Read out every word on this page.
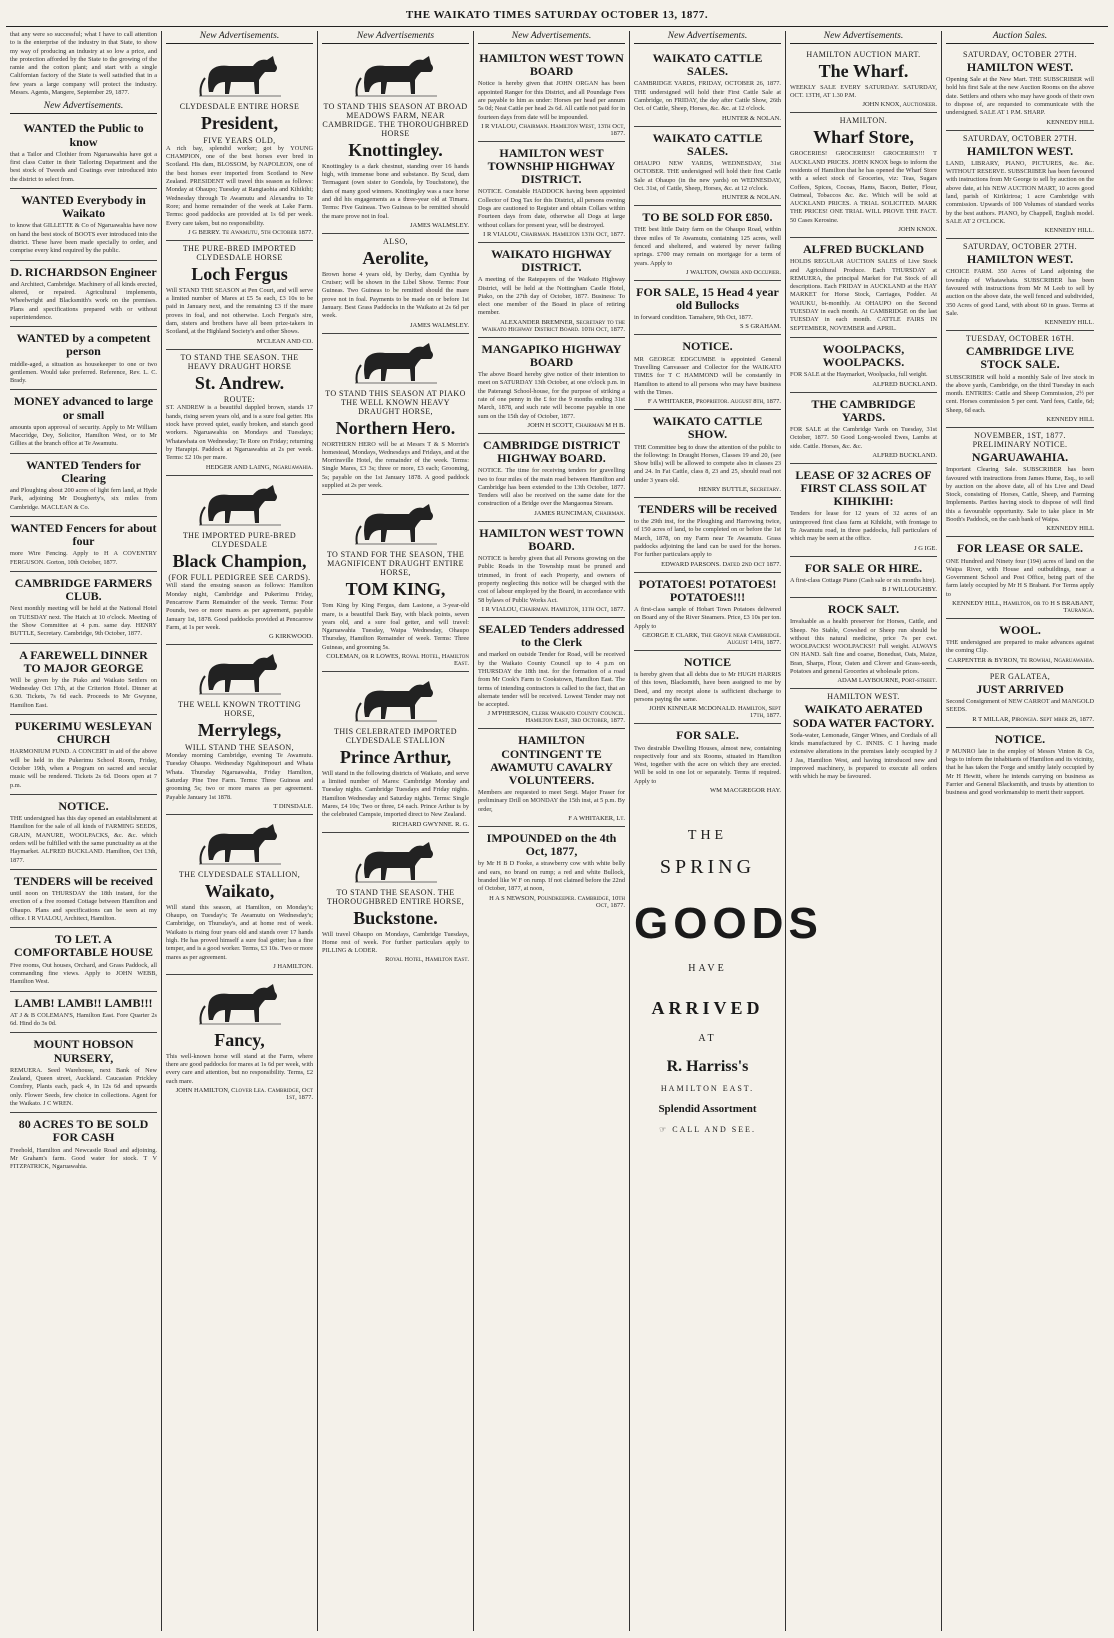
THE WAIKATO TIMES SATURDAY OCTOBER 13, 1877.
that any were so successful; what I have to call attention to is the enterprise of the industry in that State, to show my way of producing an industry at so low a price, and the protection afforded by the State to the growing of the ramie and the cotton plant; and start with a single Californian factory of the State is well satisfied that in a few years a large company will protect the industry. Messrs. Agents, Mangere, September 29, 1877.
New Advertisements.
WANTED the Public to know
that a Tailor and Clothier from Ngaruawahia have got a first class Cutter in their Tailoring Department and the best stock of Tweeds and Coatings ever introduced into the district to select from.
WANTED Everybody in Waikato
to know that GILLETTE & Co of Ngaruawahia have now on hand the best stock of BOOTS ever introduced into the district. These have been made specially to order, and comprise every kind required by the public.
D. RICHARDSON Engineer
and Architect, Cambridge. Machinery of all kinds erected, altered, or repaired. Agricultural implements, Wheelwright and Blacksmith's work on the premises. Plans and specifications prepared with or without superintendence.
WANTED by a competent person
middle-aged, a situation as housekeeper to one or two gentlemen. Would take preferred. Reference, Rev. L. C. Brady.
MONEY advanced to large or small
amounts upon approval of security. Apply to Mr William Maccridge, Dey, Solicitor, Hamilton West, or to Mr Gillies at the branch office at Te Awamutu.
WANTED Tenders for Clearing
and Ploughing about 200 acres of light fern land, at Hyde Park, adjoining Mr Dougherty's, six miles from Cambridge. MACLEAN & Co.
WANTED Fencers for about four
more Wire Fencing. Apply to H A COVENTRY FERGUSON. Gorton, 10th October, 1877.
CAMBRIDGE FARMERS CLUB.
Next monthly meeting will be held at the National Hotel on TUESDAY next. The Hatch at 10 o'clock. Meeting of the Show Committee at 4 p.m. same day. HENRY BUTTLE, Secretary. Cambridge, 9th October, 1877.
A FAREWELL DINNER TO MAJOR GEORGE
Will be given by the Piako and Waikato Settlers on Wednesday Oct 17th, at the Criterion Hotel. Dinner at 6.30. Tickets, 7s 6d each. Proceeds to Mr Gwynne, Hamilton East.
PUKERIMU WESLEYAN CHURCH
HARMONIUM FUND. A CONCERT in aid of the above will be held in the Pukerimu School Room, Friday, October 19th, when a Program on sacred and secular music will be rendered. Tickets 2s 6d. Doors open at 7 p.m.
NOTICE.
THE undersigned has this day opened an establishment at Hamilton for the sale of all kinds of FARMING SEEDS, GRAIN, MANURE, WOOLPACKS, &c. &c. which orders will be fulfilled with the same punctuality as at the Haymarket. ALFRED BUCKLAND. Hamilton, Oct 13th, 1877.
TENDERS will be received
until noon on THURSDAY the 18th instant, for the erection of a five roomed Cottage between Hamilton and Ohaupo. Plans and specifications can be seen at my office. I R VIALOU, Architect, Hamilton.
TO LET. A COMFORTABLE HOUSE
Five rooms, Out houses, Orchard, and Grass Paddock, all commanding fine views. Apply to JOHN WEBB, Hamilton West.
LAMB! LAMB!! LAMB!!!
AT J & B COLEMAN'S, Hamilton East. Fore Quarter 2s 6d. Hind do 3s 0d.
MOUNT HOBSON NURSERY,
REMUERA. Seed Warehouse, next Bank of New Zealand, Queen street, Auckland. Caucasian Prickley Comfrey, Plants each, pack 4, in 12s 6d and upwards only. Flower Seeds, few choice in collections. Agent for the Waikato. J C WREN.
80 ACRES TO BE SOLD FOR CASH
Freehold, Hamilton and Newcastle Road and adjoining. Mr Graham's farm. Good water for stock. T V FITZPATRICK, Ngaruawahia.
New Advertisements.
CLYDESDALE ENTIRE HORSE
President,
FIVE YEARS OLD,
A rich bay, splendid worker; got by YOUNG CHAMPION, one of the best horses ever bred in Scotland. His dam, BLOSSOM, by NAPOLEON, one of the best horses ever imported from Scotland to New Zealand. PRESIDENT will travel this season as follows: Monday at Ohaupo; Tuesday at Rangiaohia and Kihikihi; Wednesday through Te Awamutu and Alexandra to Te Rore; and home remainder of the week at Lake Farm. Terms: good paddocks are provided at 1s 6d per week. Every care taken, but no responsibility.
J G BERRY. Te Awamutu, 5th October 1877.
THE PURE-BRED IMPORTED CLYDESDALE HORSE
Loch Fergus
Will STAND THE SEASON at Pen Court, and will serve a limited number of Mares at £5 5s each, £3 10s to be paid in January next, and the remaining £3 if the mare proves in foal, and not otherwise. Loch Fergus's sire, dam, sisters and brothers have all been prize-takers in Scotland, at the Highland Society's and other Shows.
M'CLEAN AND CO.
TO STAND THE SEASON. THE HEAVY DRAUGHT HORSE
St. Andrew.
ROUTE:
ST. ANDREW is a beautiful dappled brown, stands 17 hands, rising seven years old, and is a sure foal getter. His stock have proved quiet, easily broken, and stanch good workers. Ngaruawahia on Mondays and Tuesdays; Whatawhata on Wednesday; Te Rore on Friday; returning by Harapipi. Paddock at Ngaruawahia at 2s per week. Terms: £2 10s per mare.
HEDGER AND LAING, Ngaruawahia.
THE IMPORTED PURE-BRED CLYDESDALE
Black Champion,
(FOR FULL PEDIGREE SEE CARDS).
Will stand the ensuing season as follows: Hamilton Monday night, Cambridge and Pukerimu Friday, Pencarrow Farm Remainder of the week. Terms: Four Pounds, two or more mares as per agreement, payable January 1st, 1878. Good paddocks provided at Pencarrow Farm, at 1s per week.
G KIRKWOOD.
THE WELL KNOWN TROTTING HORSE,
Merrylegs,
WILL STAND THE SEASON,
Monday morning Cambridge, evening Te Awamutu. Tuesday Ohaupo. Wednesday Ngahinepouri and Whata Whata. Thursday Ngaruawahia, Friday Hamilton, Saturday Pine Tree Farm. Terms: Three Guineas and grooming 5s; two or more mares as per agreement. Payable January 1st 1878.
T DINSDALE.
THE CLYDESDALE STALLION,
Waikato,
Will stand this season, at Hamilton, on Monday's; Ohaupo, on Tuesday's; Te Awamutu on Wednesday's; Cambridge, on Thursday's, and at home rest of week. Waikato is rising four years old and stands over 17 hands high. He has proved himself a sure foal getter; has a fine temper, and is a good worker. Terms, £3 10s. Two or more mares as per agreement.
J HAMILTON.
Fancy,
This well-known horse will stand at the Farm, where there are good paddocks for mares at 1s 6d per week, with every care and attention, but no responsibility. Terms, £2 each mare.
JOHN HAMILTON, Clover Lea. Cambridge, Oct 1st, 1877.
New Advertisements
TO STAND THIS SEASON AT BROAD MEADOWS FARM, NEAR CAMBRIDGE. THE THOROUGHBRED HORSE
Knottingley.
Knottingley is a dark chestnut, standing over 16 hands high, with immense bone and substance. By Scud, dam Termagant (own sister to Gondola, by Touchstone), the dam of many good winners. Knottingley was a race horse and did his engagements as a three-year old at Timaru. Terms: Five Guineas. Two Guineas to be remitted should the mare prove not in foal.
JAMES WALMSLEY.
ALSO,
Aerolite,
Brown horse 4 years old, by Derby, dam Cynthia by Cruiser; will be shown in the Libel Show. Terms: Four Guineas. Two Guineas to be remitted should the mare prove not in foal. Payments to be made on or before 1st January. Best Grass Paddocks in the Waikato at 2s 6d per week.
JAMES WALMSLEY.
TO STAND THIS SEASON AT PIAKO THE WELL KNOWN HEAVY DRAUGHT HORSE,
Northern Hero.
NORTHERN HERO will be at Messrs T & S Morrin's homestead, Mondays, Wednesdays and Fridays, and at the Morrinsville Hotel, the remainder of the week. Terms: Single Mares, £3 3s; three or more, £3 each; Grooming, 5s; payable on the 1st January 1878. A good paddock supplied at 2s per week.
TO STAND FOR THE SEASON, THE MAGNIFICENT DRAUGHT ENTIRE HORSE,
TOM KING,
Tom King by King Fergus, dam Lastone, a 3-year-old mare, is a beautiful Dark Bay, with black points, seven years old, and a sure foal getter, and will travel: Ngaruawahia Tuesday, Waipa Wednesday, Ohaupo Thursday, Hamilton Remainder of week. Terms: Three Guineas, and grooming 5s.
COLEMAN, or R LOWES, Royal Hotel, Hamilton East.
THIS CELEBRATED IMPORTED CLYDESDALE STALLION
Prince Arthur,
Will stand in the following districts of Waikato, and serve a limited number of Mares: Cambridge Monday and Tuesday nights. Cambridge Tuesdays and Friday nights. Hamilton Wednesday and Saturday nights. Terms: Single Mares, £4 10s; Two or three, £4 each. Prince Arthur is by the celebrated Campsie, imported direct to New Zealand.
RICHARD GWYNNE. R. G.
TO STAND THE SEASON. THE THOROUGHBRED ENTIRE HORSE,
Buckstone.
Will travel Ohaupo on Mondays, Cambridge Tuesdays, Home rest of week. For further particulars apply to PILLING & LODER.
Royal Hotel, Hamilton East.
New Advertisements.
HAMILTON WEST TOWN BOARD
Notice is hereby given that JOHN ORGAN has been appointed Ranger for this District, and all Poundage Fees are payable to him as under: Horses per head per annum 5s 0d; Neat Cattle per head 2s 6d. All cattle not paid for in fourteen days from date will be impounded.
I R VIALOU, Chairman. Hamilton West, 13th Oct, 1877.
HAMILTON WEST TOWNSHIP HIGHWAY DISTRICT.
NOTICE. Constable HADDOCK having been appointed Collector of Dog Tax for this District, all persons owning Dogs are cautioned to Register and obtain Collars within Fourteen days from date, otherwise all Dogs at large without collars for present year, will be destroyed.
I R VIALOU, Chairman. Hamilton 13th Oct, 1877.
WAIKATO HIGHWAY DISTRICT.
A meeting of the Ratepayers of the Waikato Highway District, will be held at the Nottingham Castle Hotel, Piako, on the 27th day of October, 1877. Business: To elect one member of the Board in place of retiring member.
ALEXANDER BREMNER, Secretary to the Waikato Highway District Board. 10th Oct, 1877.
MANGAPIKO HIGHWAY BOARD
The above Board hereby give notice of their intention to meet on SATURDAY 13th October, at one o'clock p.m. in the Paterangi School-house, for the purpose of striking a rate of one penny in the £ for the 9 months ending 31st March, 1878, and such rate will become payable in one sum on the 15th day of October, 1877.
JOHN H SCOTT, Chairman M H B.
CAMBRIDGE DISTRICT HIGHWAY BOARD.
NOTICE. The time for receiving tenders for gravelling two to four miles of the main road between Hamilton and Cambridge has been extended to the 13th October, 1877. Tenders will also be received on the same date for the construction of a Bridge over the Mangaonua Stream.
JAMES RUNCIMAN, Chairman.
HAMILTON WEST TOWN BOARD.
NOTICE is hereby given that all Persons growing on the Public Roads in the Township must be pruned and trimmed, in front of each Property, and owners of property neglecting this notice will be charged with the cost of labour employed by the Board, in accordance with 58 bylaws of Public Works Act.
I R VIALOU, Chairman. Hamilton, 11th Oct, 1877.
SEALED Tenders addressed to the Clerk
and marked on outside Tender for Road, will be received by the Waikato County Council up to 4 p.m on THURSDAY the 18th inst. for the formation of a road from Mr Cook's Farm to Cookstown, Hamilton East. The terms of intending contractors is called to the fact, that an alternate tender will be received. Lowest Tender may not be accepted.
J M'PHERSON, Clerk Waikato County Council. Hamilton East, 3rd October, 1877.
HAMILTON CONTINGENT TE AWAMUTU CAVALRY VOLUNTEERS.
Members are requested to meet Sergt. Major Fraser for preliminary Drill on MONDAY the 15th inst, at 5 p.m. By order,
F A WHITAKER, Lt.
IMPOUNDED on the 4th Oct, 1877,
by Mr H B D Fooke, a strawberry cow with white belly and ears, no brand on rump; a red and white Bullock, branded like W F on rump. If not claimed before the 22nd of October, 1877, at noon,
H A S NEWSON, Poundkeeper. Cambridge, 10th Oct, 1877.
New Advertisements.
WAIKATO CATTLE SALES.
CAMBRIDGE YARDS, FRIDAY, OCTOBER 26, 1877. THE undersigned will hold their First Cattle Sale at Cambridge, on FRIDAY, the day after Cattle Show, 26th Oct. of Cattle, Sheep, Horses, &c. &c. at 12 o'clock.
HUNTER & NOLAN.
WAIKATO CATTLE SALES.
OHAUPO NEW YARDS, WEDNESDAY, 31st OCTOBER. THE undersigned will hold their first Cattle Sale at Ohaupo (in the new yards) on WEDNESDAY, Oct. 31st, of Cattle, Sheep, Horses, &c. at 12 o'clock.
HUNTER & NOLAN.
TO BE SOLD FOR £850.
THE best little Dairy farm on the Ohaupo Road, within three miles of Te Awamutu, containing 125 acres, well fenced and sheltered, and watered by never failing springs. £700 may remain on mortgage for a term of years. Apply to
J WALTON, Owner and Occupier.
FOR SALE, 15 Head 4 year old Bullocks
in forward condition. Tamahere, 9th Oct, 1877.
S S GRAHAM.
NOTICE.
MR GEORGE EDGCUMBE is appointed General Travelling Canvasser and Collector for the WAIKATO TIMES for T C HAMMOND will be constantly in Hamilton to attend to all persons who may have business with the Times.
F A WHITAKER, Proprietor. August 8th, 1877.
WAIKATO CATTLE SHOW.
THE Committee beg to draw the attention of the public to the following: In Draught Horses, Classes 19 and 20, (see Show bills) will be allowed to compete also in classes 23 and 24. In Fat Cattle, class 8, 23 and 25, should read not under 3 years old.
HENRY BUTTLE, Secretary.
TENDERS will be received
to the 29th inst, for the Ploughing and Harrowing twice, of 150 acres of land, to be completed on or before the 1st March, 1878, on my Farm near Te Awamutu. Grass paddocks adjoining the land can be used for the horses. For further particulars apply to
EDWARD PARSONS. Dated 2nd Oct 1877.
POTATOES! POTATOES! POTATOES!!!
A first-class sample of Hobart Town Potatoes delivered on Board any of the River Steamers. Price, £3 10s per ton. Apply to
GEORGE E CLARK, The Grove near Cambridge. August 14th, 1877.
NOTICE
is hereby given that all debts due to Mr HUGH HARRIS of this town, Blacksmith, have been assigned to me by Deed, and my receipt alone is sufficient discharge to persons paying the same.
JOHN KINNEAR McDONALD. Hamilton, Sept 17th, 1877.
FOR SALE.
Two desirable Dwelling Houses, almost new, containing respectively four and six Rooms, situated in Hamilton West, together with the acre on which they are erected. Will be sold in one lot or separately. Terms if required. Apply to
WM MACGREGOR HAY.
THE
SPRING
GOODS
HAVE
ARRIVED
AT
R. Harriss's
HAMILTON EAST.
Splendid Assortment
☞ CALL AND SEE.
New Advertisements.
HAMILTON AUCTION MART.
The Wharf.
WEEKLY SALE EVERY SATURDAY. SATURDAY, OCT. 13TH, AT 1.30 P.M.
JOHN KNOX, Auctioneer.
HAMILTON.
Wharf Store,
GROCERIES! GROCERIES!! GROCERIES!!! T AUCKLAND PRICES. JOHN KNOX begs to inform the residents of Hamilton that he has opened the Wharf Store with a select stock of Groceries, viz: Teas, Sugars Coffees, Spices, Cocoas, Hams, Bacon, Butter, Flour, Oatmeal, Tobaccos &c. &c. Which will be sold at AUCKLAND PRICES. A TRIAL SOLICITED. MARK THE PRICES! ONE TRIAL WILL PROVE THE FACT. 50 Cases Kerosine.
JOHN KNOX.
ALFRED BUCKLAND
HOLDS REGULAR AUCTION SALES of Live Stock and Agricultural Produce. Each THURSDAY at REMUERA, the principal Market for Fat Stock of all descriptions. Each FRIDAY in AUCKLAND at the HAY MARKET for Horse Stock, Carriages, Fodder. At WAIUKU, bi-monthly. At OHAUPO on the Second TUESDAY in each month. At CAMBRIDGE on the last TUESDAY in each month. CATTLE FAIRS IN SEPTEMBER, NOVEMBER and APRIL.
WOOLPACKS, WOOLPACKS.
FOR SALE at the Haymarket, Woolpacks, full weight.
ALFRED BUCKLAND.
THE CAMBRIDGE YARDS.
FOR SALE at the Cambridge Yards on Tuesday, 31st October, 1877. 50 Good Long-wooled Ewes, Lambs at side. Cattle. Horses, &c. &c.
ALFRED BUCKLAND.
LEASE OF 32 ACRES OF FIRST CLASS SOIL AT KIHIKIHI:
Tenders for lease for 12 years of 32 acres of an unimproved first class farm at Kihikihi, with frontage to Te Awamutu road, in three paddocks, full particulars of which may be seen at the office.
J G IGE.
FOR SALE OR HIRE.
A first-class Cottage Piano (Cash sale or six months hire).
B J WILLOUGHBY.
ROCK SALT.
Invaluable as a health preserver for Horses, Cattle, and Sheep. No Stable, Cowshed or Sheep run should be without this natural medicine, price 7s per cwt. WOOLPACKS! WOOLPACKS!! Full weight. ALWAYS ON HAND. Salt fine and coarse, Bonedust, Oats, Maize, Bran, Sharps, Flour, Oaten and Clover and Grass-seeds, Potatoes and general Groceries at wholesale prices.
ADAM LAYBOURNE, Port-street.
HAMILTON WEST.
WAIKATO AERATED SODA WATER FACTORY.
Soda-water, Lemonade, Ginger Wines, and Cordials of all kinds manufactured by C. INNIS. C I having made extensive alterations in the premises lately occupied by J J Jas, Hamilton West, and having introduced new and improved machinery, is prepared to execute all orders with which he may be favoured.
Auction Sales.
SATURDAY, OCTOBER 27TH.
HAMILTON WEST.
Opening Sale at the New Mart. THE SUBSCRIBER will hold his first Sale at the new Auction Rooms on the above date. Settlers and others who may have goods of their own to dispose of, are requested to communicate with the undersigned. SALE AT 1 P.M. SHARP.
KENNEDY HILL
SATURDAY, OCTOBER 27TH.
HAMILTON WEST.
LAND, LIBRARY, PIANO, PICTURES, &c. &c. WITHOUT RESERVE. SUBSCRIBER has been favoured with instructions from Mr George to sell by auction on the above date, at his NEW AUCTION MART, 10 acres good land, parish of Kirikiriroa; 1 acre Cambridge with commission. Upwards of 100 Volumes of standard works by the best authors. PIANO, by Chappell, English model. SALE AT 2 O'CLOCK.
KENNEDY HILL.
SATURDAY, OCTOBER 27TH.
HAMILTON WEST.
CHOICE FARM. 350 Acres of Land adjoining the township of Whatawhata. SUBSCRIBER has been favoured with instructions from Mr M Leeb to sell by auction on the above date, the well fenced and subdivided, 350 Acres of good Land, with about 60 in grass. Terms at Sale.
KENNEDY HILL.
TUESDAY, OCTOBER 16TH.
CAMBRIDGE LIVE STOCK SALE.
SUBSCRIBER will hold a monthly Sale of live stock in the above yards, Cambridge, on the third Tuesday in each month. ENTRIES: Cattle and Sheep Commission, 2½ per cent. Horses commission 5 per cent. Yard fees, Cattle, 6d; Sheep, 6d each.
KENNEDY HILL
NOVEMBER, 1ST, 1877. PRELIMINARY NOTICE.
NGARUAWAHIA.
Important Clearing Sale. SUBSCRIBER has been favoured with instructions from James Hume, Esq., to sell by auction on the above date, all of his Live and Dead Stock, consisting of Horses, Cattle, Sheep, and Farming Implements. Parties having stock to dispose of will find this a favourable opportunity. Sale to take place in Mr Booth's Paddock, on the cash bank of Waipa.
KENNEDY HILL
FOR LEASE OR SALE.
ONE Hundred and Ninety four (194) acres of land on the Waipa River, with House and outbuildings, near a Government School and Post Office, being part of the farm lately occupied by Mr H S Brabant. For Terms apply to
KENNEDY HILL, Hamilton, or to H S BRABANT, Tauranga.
WOOL.
THE undersigned are prepared to make advances against the coming Clip.
CARPENTER & BYRON, Te Rowhai, Ngaruawahia.
PER GALATEA,
JUST ARRIVED
Second Consignment of NEW CARROT and MANGOLD SEEDS.
R T MILLAR, Pirongia. Sept mber 26, 1877.
NOTICE.
P MUNRO late in the employ of Messrs Vinton & Co, begs to inform the inhabitants of Hamilton and its vicinity, that he has taken the Forge and smithy lately occupied by Mr H Hewitt, where he intends carrying on business as Farrier and General Blacksmith, and trusts by attention to business and good workmanship to merit their support.
